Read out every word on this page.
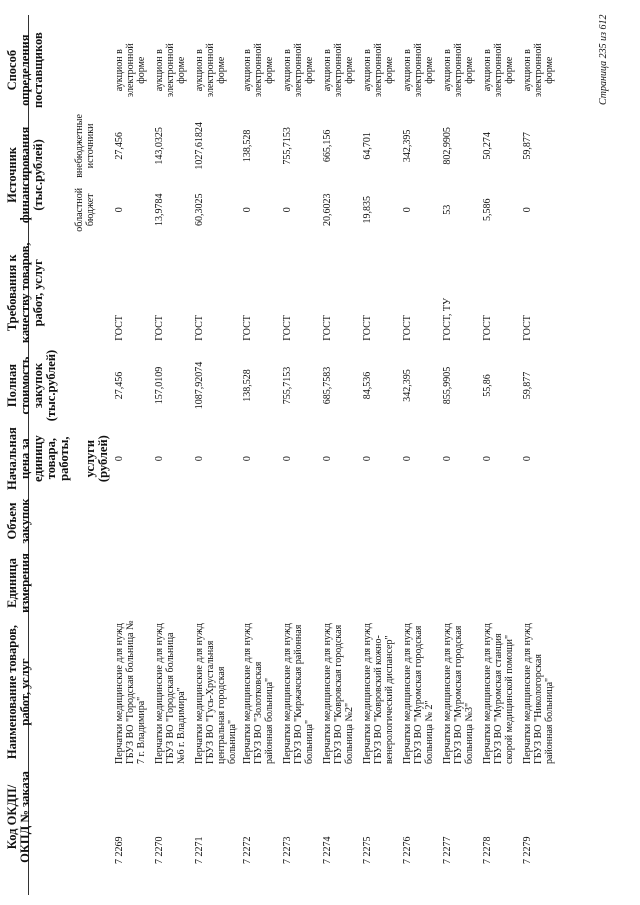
Код ОКДП/ ОКПД № заказа	Наименование товаров, работ, услуг	Единица измерения	Объем закупок	Начальная цена за единицу товара, работы, услуги (рублей)	Полная стоимость закупок (тыс.рублей)	Требования к качеству товаров, работ, услуг	Источник финансирования (тыс.рублей)		Способ определения поставщиков
							областной бюджет	внебюджетные источники	
7 2269	Перчатки медицинские для нужд ГБУЗ ВО "Городская больница № 7 г. Владимира"			0	27,456	ГОСТ	0	27,456	аукцион в электронной форме
7 2270	Перчатки медицинские для нужд ГБУЗ ВО "Городская больница №6 г. Владимира"			0	157,0109	ГОСТ	13,9784	143,0325	аукцион в электронной форме
7 2271	Перчатки медицинские для нужд ГБУЗ ВО "Гусь-Хрустальная центральная городская больница"			0	1087,92074	ГОСТ	60,3025	1027,61824	аукцион в электронной форме
7 2272	Перчатки медицинские для нужд ГБУЗ ВО "Золотковская районная больница"			0	138,528	ГОСТ	0	138,528	аукцион в электронной форме
7 2273	Перчатки медицинские для нужд ГБУЗ ВО "Киржачская районная больница"			0	755,7153	ГОСТ	0	755,7153	аукцион в электронной форме
7 2274	Перчатки медицинские для нужд ГБУЗ ВО "Ковровская городская больница №2"			0	685,7583	ГОСТ	20,6023	665,156	аукцион в электронной форме
7 2275	Перчатки медицинские для нужд ГБУЗ ВО "Ковровский кожно-венерологический диспансер"			0	84,536	ГОСТ	19,835	64,701	аукцион в электронной форме
7 2276	Перчатки медицинские для нужд ГБУЗ ВО "Муромская городская больница № 2"			0	342,395	ГОСТ	0	342,395	аукцион в электронной форме
7 2277	Перчатки медицинские для нужд ГБУЗ ВО "Муромская городская больница №3"			0	855,9905	ГОСТ, ТУ	53	802,9905	аукцион в электронной форме
7 2278	Перчатки медицинские для нужд ГБУЗ ВО "Муромская станция скорой медицинской помощи"			0	55,86	ГОСТ	5,586	50,274	аукцион в электронной форме
7 2279	Перчатки медицинские для нужд ГБУЗ ВО "Никологорская районная больница"			0	59,877	ГОСТ	0	59,877	аукцион в электронной форме	Страница 235 из 612
